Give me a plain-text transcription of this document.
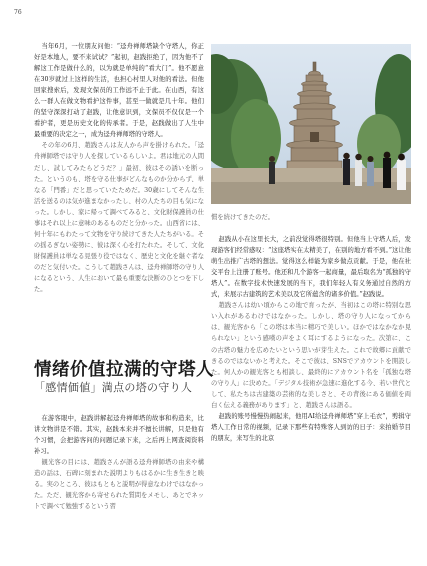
76

当年6月，一位朋友问他：“迳舟禅师塔缺个守塔人，你正好是本地人，要不来试试？”起初，赵践拒绝了，因为他不了解这工作是做什么的，以为就是单纯的“看大门”。他不愿意在30岁就过上这样的生活，也担心村里人对他的看法。但他回家搜索后，发现文保员的工作远不止于此。在山西，有这么一群人在做文物看护这件事，甚至一做就是几十年。他们的坚守深深打动了赵践，让他意识到，文保员不仅仅是一个看护者，更是历史文化的传承者。于是，赵践做出了人生中最重要的决定之一，成为迳舟禅师塔的守塔人。

その年の6月、趙践さんは友人から声を掛けられた。「迳舟禅師塔では守り人を探しているらしいよ。君は地元の人間だし、試してみたらどうだ？」最初、彼はその誘いを断った。というのも、塔を守る仕事がどんなものか分からず、単なる「門番」だと思っていたためだ。30歳にしてそんな生活を送るのは気が進まなかったし、村の人たちの目も気になった。しかし、家に帰って調べてみると、文化財保護員の仕事はそれ以上に意味のあるものだと分かった。山西省には、何十年にもわたって文物を守り続けてきた人たちがいる。その揺るぎない姿勢に、彼は深く心を打たれた。そして、文化財保護員は単なる見張り役ではなく、歴史と文化を継ぐ者なのだと気付いた。こうして趙践さんは、迳舟禅師塔の守り人になるという、人生において最も重要な決断のひとつを下した。

情绪价值拉满的守塔人
「感情価値」満点の塔の守り人

在游客眼中，赵践讲解起迳舟禅师塔的故事和构造来，比讲文物讲是不错。其实，赵践本来并不擅长讲解，只是他有个习惯，会把游客问的问题记录下来，之后再上网查阅资料补习。

観光客の目には、趙践さんが語る迳舟禅師塔の由来や構造の話は、石碑に刻まれた説明よりもはるかに生き生きと映る。実のところ、彼はもともと説明が得意なわけではなかった。ただ、観光客から寄せられた質問をメモし、あとでネットで調べて勉強するという習

慣を続けてきたのだ。

赵践从小在这里长大，之前没觉得塔很特别。但他当上守塔人后，发现游客们经常感叹：“这座塔实在太精美了，在别的地方看不到。”这让他萌生出推广古塔的想法。觉得这么样能为家乡做点贡献。于是，他在社交平台上注册了账号。他还和几个游客一起商量，最后取名为“孤独的守塔人”。在数字技术快速发展的当下，我们年轻人有义务通过自然的方式，来展示古建筑的艺术美以及它所蕴含的诸多价值。”赵践说。

趙践さんは幼い頃からこの地で育ったが、当初はこの塔に特別な思い入れがあるわけではなかった。しかし、塔の守り人になってからは、観光客から「この塔は本当に精巧で美しい。ほかではなかなか見られない」という感嘆の声をよく耳にするようになった。次第に、この古塔の魅力を広めたいという思いが芽生えた。これで故郷に貢献できるのではないかと考えた。そこで彼は、SNSでアカウントを開設した。何人かの観光客とも相談し、最終的にアカウント名を「孤独な塔の守り人」に決めた。「デジタル技術が急速に進化する今、若い世代として、私たちは古建築の芸術的な美しさと、その背後にある価値を両白く伝える義務があります」と、趙践さんは語る。

赵践的账号慢慢热闹起来，他用AI给迳舟禅师塔“穿上毛衣”，剪辑守塔人工作日常的视频，记录下那些有特殊客人到访的日子：来拍婚节目的朋友，来写生的北京
